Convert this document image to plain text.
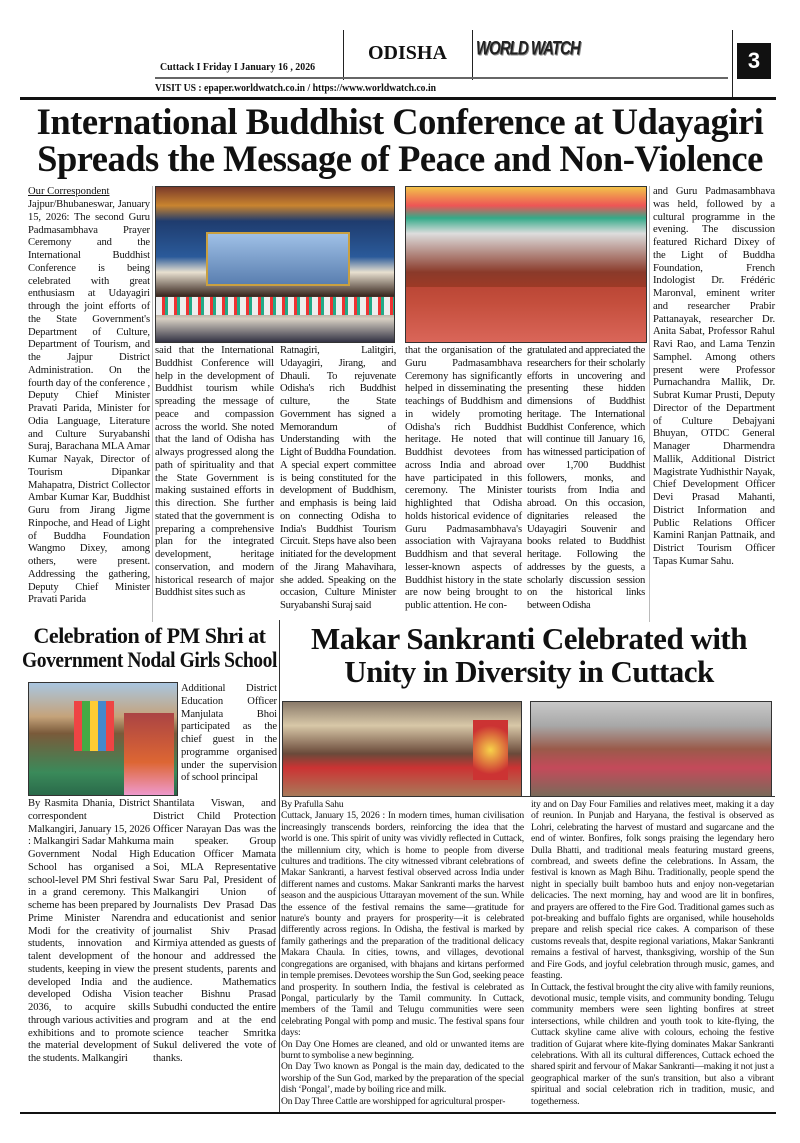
Cuttack I Friday I January 16 , 2026
ODISHA WORLD WATCH	3
VISIT US : epaper.worldwatch.co.in / https://www.worldwatch.co.in
International Buddhist Conference at Udayagiri
Spreads the Message of Peace and Non-Violence
Our Correspondent
Jajpur/Bhubaneswar, January 15, 2026: The second Guru Padmasambhava Prayer Ceremony and the International Buddhist Conference is being celebrated with great enthusiasm at Udayagiri through the joint efforts of the State Government's Department of Culture, Department of Tourism, and the Jajpur District Administration. On the fourth day of the conference , Deputy Chief Minister Pravati Parida, Minister for Odia Language, Literature and Culture Suryabanshi Suraj, Barachana MLA Amar Kumar Nayak, Director of Tourism Dipankar Mahapatra, District Collector Ambar Kumar Kar, Buddhist Guru from Jirang Jigme Rinpoche, and Head of Light of Buddha Foundation Wangmo Dixey, among others, were present. Addressing the gathering, Deputy Chief Minister Pravati Parida
said that the International Buddhist Conference will help in the development of Buddhist tourism while spreading the message of peace and compassion across the world. She noted that the land of Odisha has always progressed along the path of spirituality and that the State Government is making sustained efforts in this direction. She further stated that the government is preparing a comprehensive plan for the integrated development, heritage conservation, and modern historical research of major Buddhist sites such as
Ratnagiri, Lalitgiri, Udayagiri, Jirang, and Dhauli. To rejuvenate Odisha's rich Buddhist culture, the State Government has signed a Memorandum of Understanding with the Light of Buddha Foundation. A special expert committee is being constituted for the development of Buddhism, and emphasis is being laid on connecting Odisha to India's Buddhist Tourism Circuit. Steps have also been initiated for the development of the Jirang Mahavihara, she added. Speaking on the occasion, Culture Minister Suryabanshi Suraj said
that the organisation of the Guru Padmasambhava Ceremony has significantly helped in disseminating the teachings of Buddhism and in widely promoting Odisha's rich Buddhist heritage. He noted that Buddhist devotees from across India and abroad have participated in this ceremony. The Minister highlighted that Odisha holds historical evidence of Guru Padmasambhava's association with Vajrayana Buddhism and that several lesser-known aspects of Buddhist history in the state are now being brought to public attention. He con-
gratulated and appreciated the researchers for their scholarly efforts in uncovering and presenting these hidden dimensions of Buddhist heritage. The International Buddhist Conference, which will continue till January 16, has witnessed participation of over 1,700 Buddhist followers, monks, and tourists from India and abroad. On this occasion, dignitaries released the Udayagiri Souvenir and books related to Buddhist heritage. Following the addresses by the guests, a scholarly discussion session on the historical links between Odisha
and Guru Padmasambhava was held, followed by a cultural programme in the evening. The discussion featured Richard Dixey of the Light of Buddha Foundation, French Indologist Dr. Frédéric Maronval, eminent writer and researcher Prabir Pattanayak, researcher Dr. Anita Sabat, Professor Rahul Ravi Rao, and Lama Tenzin Samphel. Among others present were Professor Purnachandra Mallik, Dr. Subrat Kumar Prusti, Deputy Director of the Department of Culture Debajyani Bhuyan, OTDC General Manager Dharmendra Mallik, Additional District Magistrate Yudhisthir Nayak, Chief Development Officer Devi Prasad Mahanti, District Information and Public Relations Officer Kamini Ranjan Pattnaik, and District Tourism Officer Tapas Kumar Sahu.
Celebration of PM Shri at
Government Nodal Girls School
Additional District Education Officer Manjulata Bhoi participated as the chief guest in the programme organised under the supervision of school principal

By Rasmita Dhania, District correspondent

Malkangiri, January 15, 2026 : Malkangiri Sadar Mahkuma Government Nodal High School has organised a school-level PM Shri festival in a grand ceremony. This scheme has been prepared by Prime Minister Narendra Modi for the creativity of students, innovation and talent development of the students, keeping in view the developed India and the developed Odisha Vision 2036, to acquire skills through various activities and exhibitions and to promote the material development of the students. Malkangiri

Shantilata Viswan, and District Child Protection Officer Narayan Das was the main speaker. Group Education Officer Mamata Soi, MLA Representative Swar Saru Pal, President of Malkangiri Union of Journalists Dev Prasad Das and educationist and senior journalist Shiv Prasad Kirmiya attended as guests of honour and addressed the present students, parents and audience. Mathematics teacher Bishnu Prasad Subudhi conducted the entire program and at the end science teacher Smritka Sukul delivered the vote of thanks.
Makar Sankranti Celebrated with
Unity in Diversity in Cuttack

By Prafulla Sahu

Cuttack, January 15, 2026 : In modern times, human civilisation increasingly transcends borders, reinforcing the idea that the world is one. This spirit of unity was vividly reflected in Cuttack, the millennium city, which is home to people from diverse cultures and traditions. The city witnessed vibrant celebrations of Makar Sankranti, a harvest festival observed across India under different names and customs. Makar Sankranti marks the harvest season and the auspicious Uttarayan movement of the sun. While the essence of the festival remains the same—gratitude for nature's bounty and prayers for prosperity—it is celebrated differently across regions. In Odisha, the festival is marked by family gatherings and the preparation of the traditional delicacy Makara Chaula. In cities, towns, and villages, devotional congregations are organised, with bhajans and kirtans performed in temple premises. Devotees worship the Sun God, seeking peace and prosperity. In southern India, the festival is celebrated as Pongal, particularly by the Tamil community. In Cuttack, members of the Tamil and Telugu communities were seen celebrating Pongal with pomp and music. The festival spans four days:

On Day One Homes are cleaned, and old or unwanted items are burnt to symbolise a new beginning.

On Day Two known as Pongal is the main day, dedicated to the worship of the Sun God, marked by the preparation of the special dish ‘Pongal’, made by boiling rice and milk.

On Day Three Cattle are worshipped for agricultural prosper-

ity and on Day Four Families and relatives meet, making it a day of reunion. In Punjab and Haryana, the festival is observed as Lohri, celebrating the harvest of mustard and sugarcane and the end of winter. Bonfires, folk songs praising the legendary hero Dulla Bhatti, and traditional meals featuring mustard greens, cornbread, and sweets define the celebrations. In Assam, the festival is known as Magh Bihu. Traditionally, people spend the night in specially built bamboo huts and enjoy non-vegetarian delicacies. The next morning, hay and wood are lit in bonfires, and prayers are offered to the Fire God. Traditional games such as pot-breaking and buffalo fights are organised, while households prepare and relish special rice cakes. A comparison of these customs reveals that, despite regional variations, Makar Sankranti remains a festival of harvest, thanksgiving, worship of the Sun and Fire Gods, and joyful celebration through music, games, and feasting.

In Cuttack, the festival brought the city alive with family reunions, devotional music, temple visits, and community bonding. Telugu community members were seen lighting bonfires at street intersections, while children and youth took to kite-flying, the Cuttack skyline came alive with colours, echoing the festive tradition of Gujarat where kite-flying dominates Makar Sankranti celebrations. With all its cultural differences, Cuttack echoed the shared spirit and fervour of Makar Sankranti—making it not just a geographical marker of the sun's transition, but also a vibrant spiritual and social celebration rich in tradition, music, and togetherness.
